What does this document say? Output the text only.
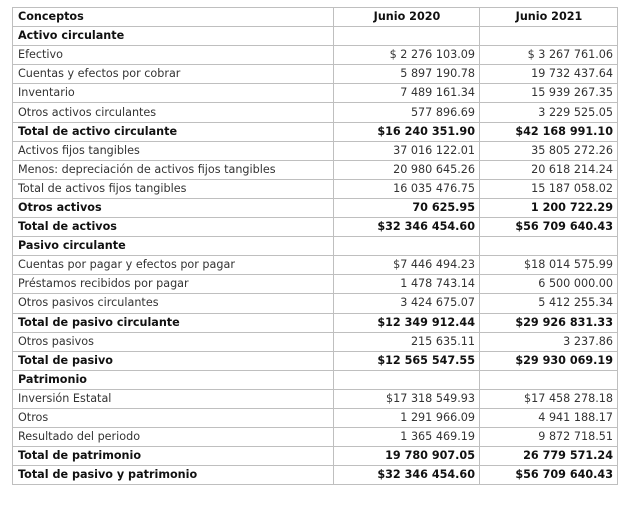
Conceptos	Junio 2020	Junio 2021
Activo circulante		
Efectivo	$ 2 276 103.09	$ 3 267 761.06
Cuentas y efectos por cobrar	5 897 190.78	19 732 437.64
Inventario	7 489 161.34	15 939 267.35
Otros activos circulantes	577 896.69	3 229 525.05
Total de activo circulante	$16 240 351.90	$42 168 991.10
Activos fijos tangibles	37 016 122.01	35 805 272.26
Menos: depreciación de activos fijos tangibles	20 980 645.26	20 618 214.24
Total de activos fijos tangibles	16 035 476.75	15 187 058.02
Otros activos	70 625.95	1 200 722.29
Total de activos	$32 346 454.60	$56 709 640.43
Pasivo circulante		
Cuentas por pagar y efectos por pagar	$7 446 494.23	$18 014 575.99
Préstamos recibidos por pagar	1 478 743.14	6 500 000.00
Otros pasivos circulantes	3 424 675.07	5 412 255.34
Total de pasivo circulante	$12 349 912.44	$29 926 831.33
Otros pasivos	215 635.11	3 237.86
Total de pasivo	$12 565 547.55	$29 930 069.19
Patrimonio		
Inversión Estatal	$17 318 549.93	$17 458 278.18
Otros	1 291 966.09	4 941 188.17
Resultado del periodo	1 365 469.19	9 872 718.51
Total de patrimonio	19 780 907.05	26 779 571.24
Total de pasivo y patrimonio	$32 346 454.60	$56 709 640.43
